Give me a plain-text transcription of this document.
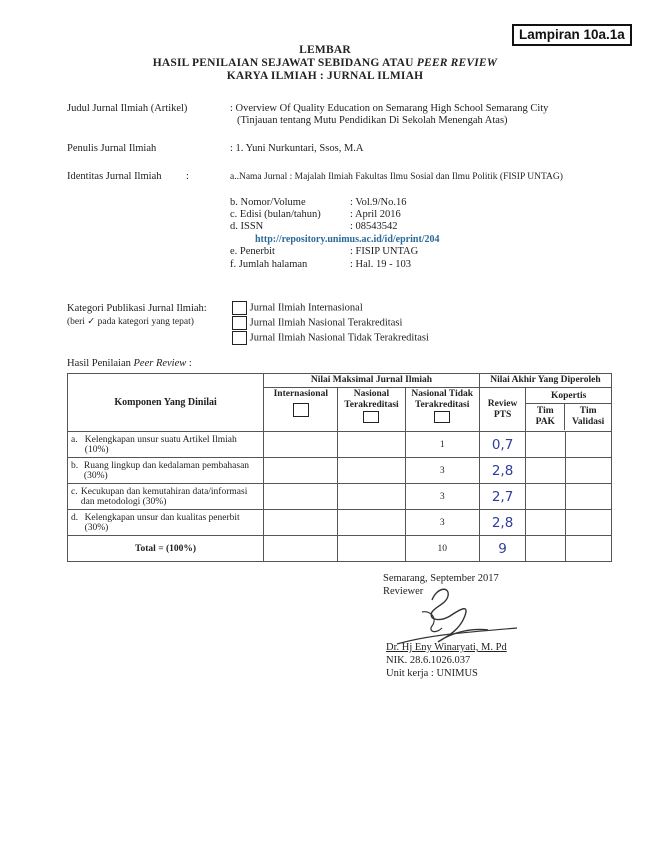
Lampiran 10a.1a
LEMBAR
HASIL PENILAIAN SEJAWAT SEBIDANG ATAU PEER REVIEW
KARYA ILMIAH : JURNAL ILMIAH
Judul Jurnal Ilmiah (Artikel)	: Overview Of Quality Education on Semarang High School Semarang City
(Tinjauan tentang Mutu Pendidikan Di Sekolah Menengah Atas)
Penulis Jurnal Ilmiah	: 1. Yuni Nurkuntari, Ssos, M.A
Identitas Jurnal Ilmiah :	a..Nama Jurnal : Majalah Ilmiah Fakultas Ilmu Sosial dan Ilmu Politik (FISIP UNTAG)
b. Nomor/Volume	: Vol.9/No.16
c. Edisi (bulan/tahun)	: April 2016
d. ISSN	: 08543542
http://repository.unimus.ac.id/id/eprint/204
e. Penerbit	: FISIP UNTAG
f. Jumlah halaman	: Hal. 19 - 103
Kategori Publikasi Jurnal Ilmiah:
(beri ✓ pada kategori yang tepat)
Jurnal Ilmiah Internasional
Jurnal Ilmiah Nasional Terakreditasi
Jurnal Ilmiah Nasional Tidak Terakreditasi
Hasil Penilaian Peer Review :
Komponen Yang Dinilai	Nilai Maksimal Jurnal Ilmiah			Nilai Akhir Yang Diperoleh		

	Internasional	Nasional Terakreditasi	Nasional Tidak Terakreditasi	Review PTS	Kopertis
Tim PAK
Tim Validasi	

a. Kelengkapan unsur suatu Artikel Ilmiah (10%)			1	0,7		

b. Ruang lingkup dan kedalaman pembahasan (30%)			3	2,8		

c. Kecukupan dan kemutahiran data/informasi dan metodologi (30%)			3	2,7		

d. Kelengkapan unsur dan kualitas penerbit (30%)			3	2,8		
Total = (100%)			10	9		
Semarang, September 2017
Reviewer
Dr. Hj Eny Winaryati, M. Pd
NIK. 28.6.1026.037
Unit kerja : UNIMUS
